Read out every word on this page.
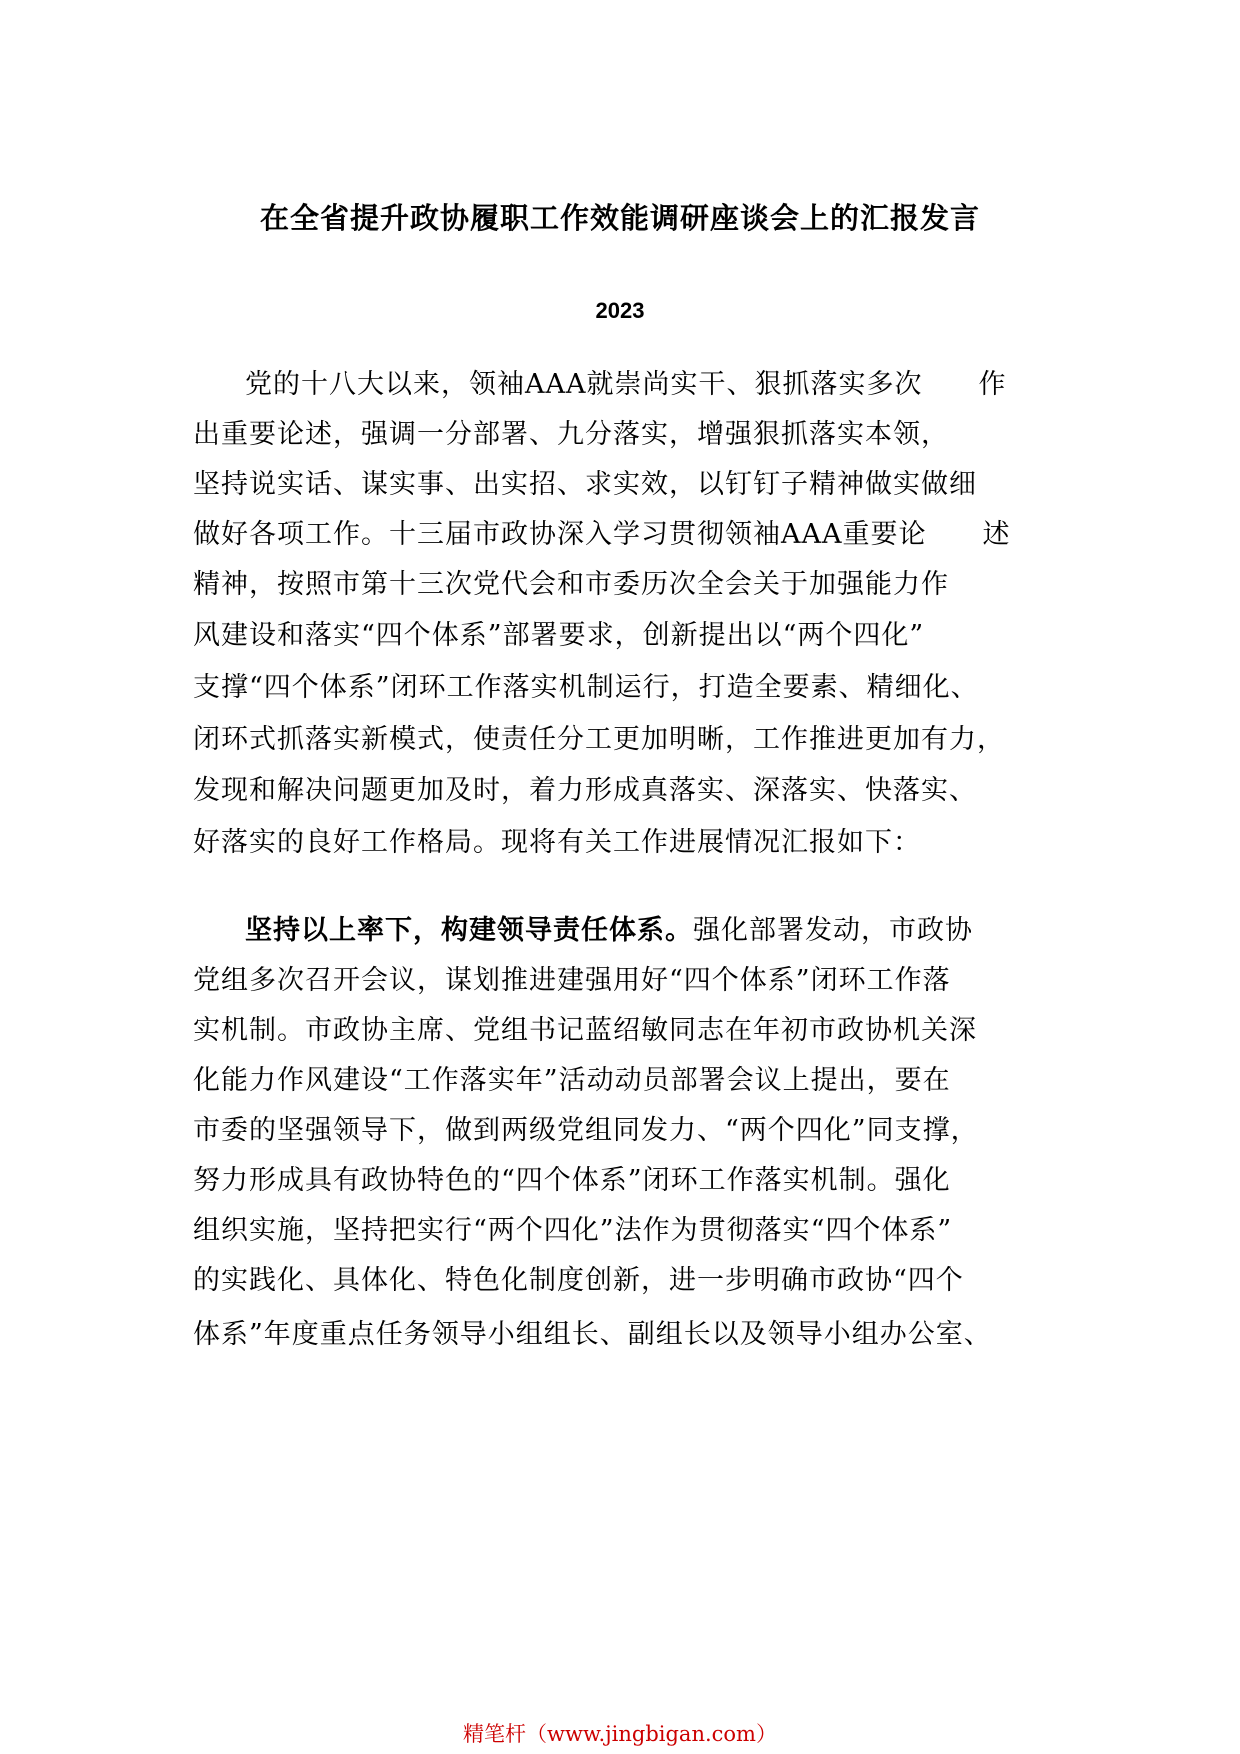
在全省提升政协履职工作效能调研座谈会上的汇报发言
2023
党的十八大以来，领袖AAA就崇尚实干、狠抓落实多次　　作
出重要论述，强调一分部署、九分落实，增强狠抓落实本领，
坚持说实话、谋实事、出实招、求实效，以钉钉子精神做实做细
做好各项工作。十三届市政协深入学习贯彻领袖AAA重要论　　述
精神，按照市第十三次党代会和市委历次全会关于加强能力作
风建设和落实“四个体系”部署要求，创新提出以“两个四化”
支撑“四个体系”闭环工作落实机制运行，打造全要素、精细化、
闭环式抓落实新模式，使责任分工更加明晰，工作推进更加有力，
发现和解决问题更加及时，着力形成真落实、深落实、快落实、
好落实的良好工作格局。现将有关工作进展情况汇报如下：
坚持以上率下，构建领导责任体系。强化部署发动，市政协
党组多次召开会议，谋划推进建强用好“四个体系”闭环工作落
实机制。市政协主席、党组书记蓝绍敏同志在年初市政协机关深
化能力作风建设“工作落实年”活动动员部署会议上提出，要在
市委的坚强领导下，做到两级党组同发力、“两个四化”同支撑，
努力形成具有政协特色的“四个体系”闭环工作落实机制。强化
组织实施，坚持把实行“两个四化”法作为贯彻落实“四个体系”
的实践化、具体化、特色化制度创新，进一步明确市政协“四个
体系”年度重点任务领导小组组长、副组长以及领导小组办公室、
精笔杆（www.jingbigan.com）
